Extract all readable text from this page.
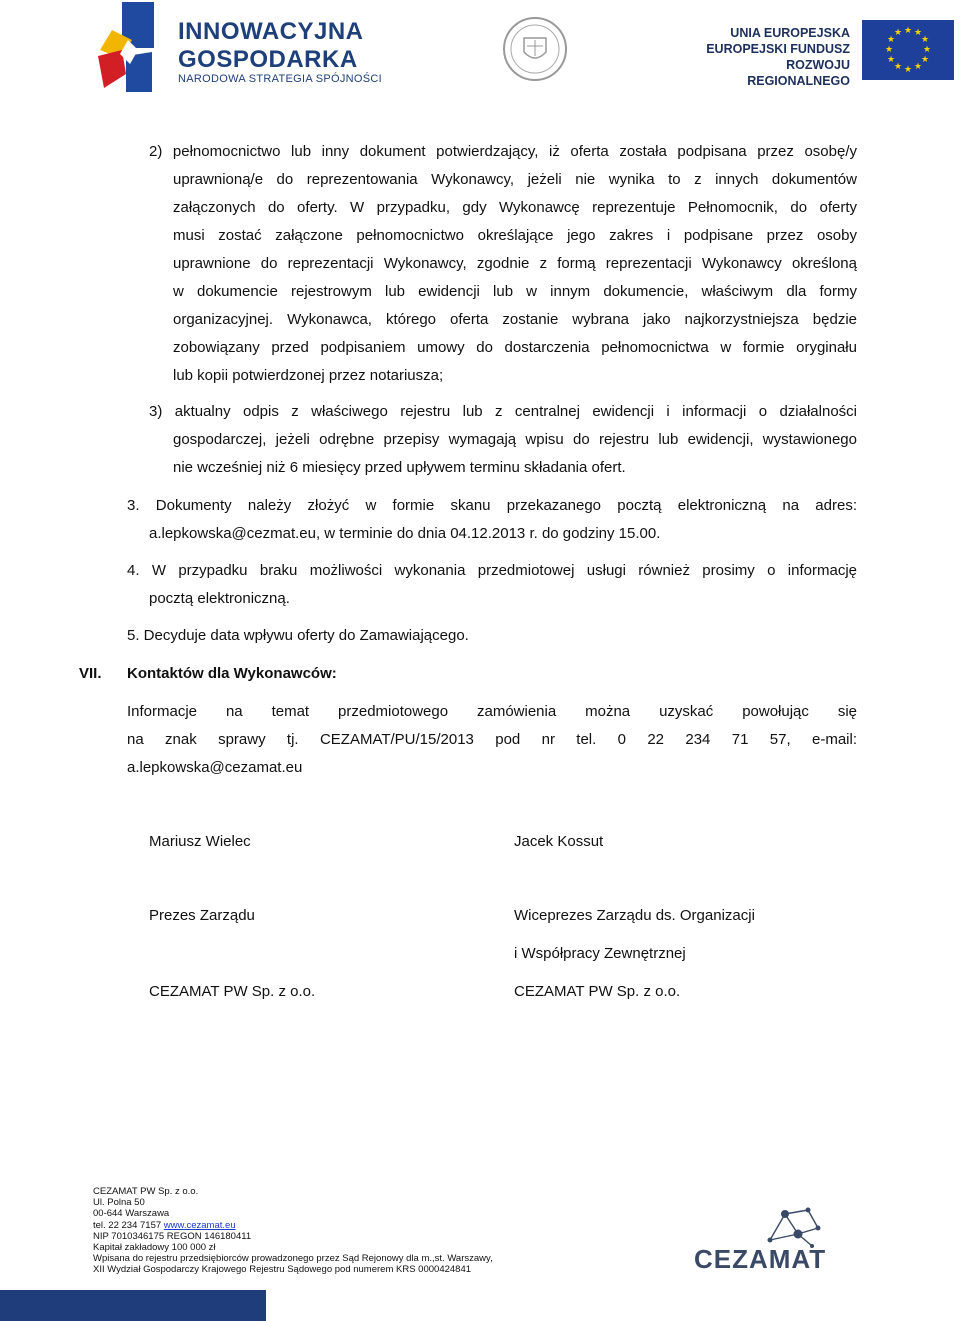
INNOWACYJNA
GOSPODARKA
NARODOWA STRATEGIA SPÓJNOŚCI
UNIA EUROPEJSKA
EUROPEJSKI FUNDUSZ
ROZWOJU REGIONALNEGO
★ ★
★
★
★
★
★
★
★
★
★
★
2) pełnomocnictwo lub inny dokument potwierdzający, iż oferta została podpisana przez osobę/y
uprawnioną/e do reprezentowania Wykonawcy, jeżeli nie wynika to z innych dokumentów
załączonych do oferty. W przypadku, gdy Wykonawcę reprezentuje Pełnomocnik, do oferty
musi zostać załączone pełnomocnictwo określające jego zakres i podpisane przez osoby
uprawnione do reprezentacji Wykonawcy, zgodnie z formą reprezentacji Wykonawcy określoną
w dokumencie rejestrowym lub ewidencji lub w innym dokumencie, właściwym dla formy
organizacyjnej. Wykonawca, którego oferta zostanie wybrana jako najkorzystniejsza będzie
zobowiązany przed podpisaniem umowy do dostarczenia pełnomocnictwa w formie oryginału
lub kopii potwierdzonej przez notariusza;
3) aktualny odpis z właściwego rejestru lub z centralnej ewidencji i informacji o działalności
gospodarczej, jeżeli odrębne przepisy wymagają wpisu do rejestru lub ewidencji, wystawionego
nie wcześniej niż 6 miesięcy przed upływem terminu składania ofert.
3. Dokumenty należy złożyć w formie skanu przekazanego pocztą elektroniczną na adres:
a.lepkowska@cezmat.eu, w terminie do dnia 04.12.2013 r. do godziny 15.00.
4. W przypadku braku możliwości wykonania przedmiotowej usługi również prosimy o informację
pocztą elektroniczną.
5. Decyduje data wpływu oferty do Zamawiającego.
VII. Kontaktów dla Wykonawców:
Informacje na temat przedmiotowego zamówienia można uzyskać powołując się
na znak sprawy tj. CEZAMAT/PU/15/2013 pod nr tel. 0 22 234 71 57, e-mail:
a.lepkowska@cezamat.eu
Mariusz Wielec	Jacek Kossut
Prezes Zarządu	Wiceprezes Zarządu ds. Organizacji
i Współpracy Zewnętrznej
CEZAMAT PW Sp. z o.o.	CEZAMAT PW Sp. z o.o.
CEZAMAT PW Sp. z o.o.
Ul. Polna 50
00-644 Warszawa
tel. 22 234 7157 www.cezamat.eu
NIP 7010346175 REGON 146180411
Kapitał zakładowy 100 000 zł
Wpisana do rejestru przedsiębiorców prowadzonego przez Sąd Rejonowy dla m.,st. Warszawy,
XII Wydział Gospodarczy Krajowego Rejestru Sądowego pod numerem KRS 0000424841	CEZAMAT
